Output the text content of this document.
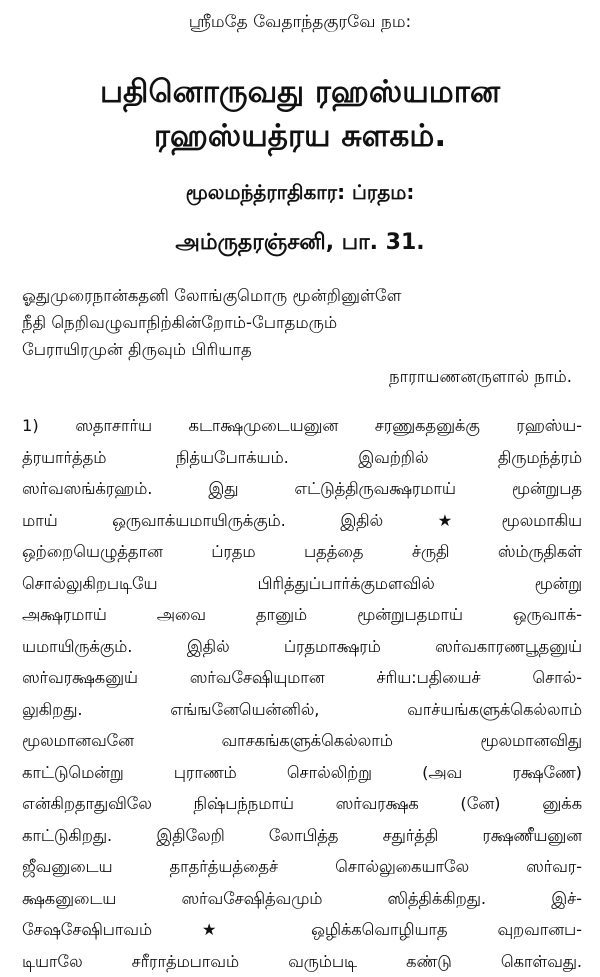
ஶ்ரீமதே வேதாந்தகுரவே நம:
பதினொருவது ரஹஸ்யமான
ரஹஸ்யத்ரய சுளகம்.
மூலமந்த்ராதிகார: ப்ரதம:
அம்ருதரஞ்சனி, பா. 31.
ஓதுமுரைநான்கதனி லோங்குமொரு மூன்றினுள்ளே
நீதி நெறிவழுவாநிற்கின்றோம்-போதமரும்
பேராயிரமுன் திருவும் பிரியாத
நாராயணனருளால் நாம்.
1) ஸதாசார்ய கடாக்ஷமுடையனுன சரணுகதனுக்கு ரஹஸ்ய-
த்ரயார்த்தம் நித்யபோக்யம். இவற்றில் திருமந்த்ரம்
ஸர்வஸங்க்ரஹம். இது எட்டுத்திருவக்ஷரமாய் மூன்றுபத
மாய் ஒருவாக்யமாயிருக்கும். இதில் ★மூலமாகிய
ஒற்றையெழுத்தான ப்ரதம பதத்தை ச்ருதி ஸ்ம்ருதிகள்
சொல்லுகிறபடியே பிரித்துப்பார்க்குமளவில் மூன்று
அக்ஷரமாய் அவை தானும் மூன்றுபதமாய் ஒருவாக்-
யமாயிருக்கும். இதில் ப்ரதமாக்ஷரம் ஸர்வகாரணபூதனுய்
ஸர்வரக்ஷகனுய் ஸர்வசேஷியுமான ச்ரிய:பதியைச் சொல்-
லுகிறது. எங்ஙனேயென்னில், வாச்யங்களுக்கெல்லாம்
மூலமானவனே வாசகங்களுக்கெல்லாம் மூலமானவிது
காட்டுமென்று புராணம் சொல்லிற்று (அவ ரக்ஷணே)
என்கிறதாதுவிலே நிஷ்பந்நமாய் ஸர்வரக்ஷக (னே) னுக்க
காட்டுகிறது. இதிலேறி லோபித்த சதுர்த்தி ரக்ஷணீயனுன
ஜீவனுடைய தாதர்த்யத்தைச் சொல்லுகையாலே ஸர்வர-
க்ஷகனுடைய ஸர்வசேஷித்வமும் ஸித்திக்கிறது. இச்-
சேஷசேஷிபாவம் ★ ஒழிக்கவொழியாத வுறவானப-
டியாலே சரீராத்மபாவம் வரும்படி கண்டு கொள்வது.
